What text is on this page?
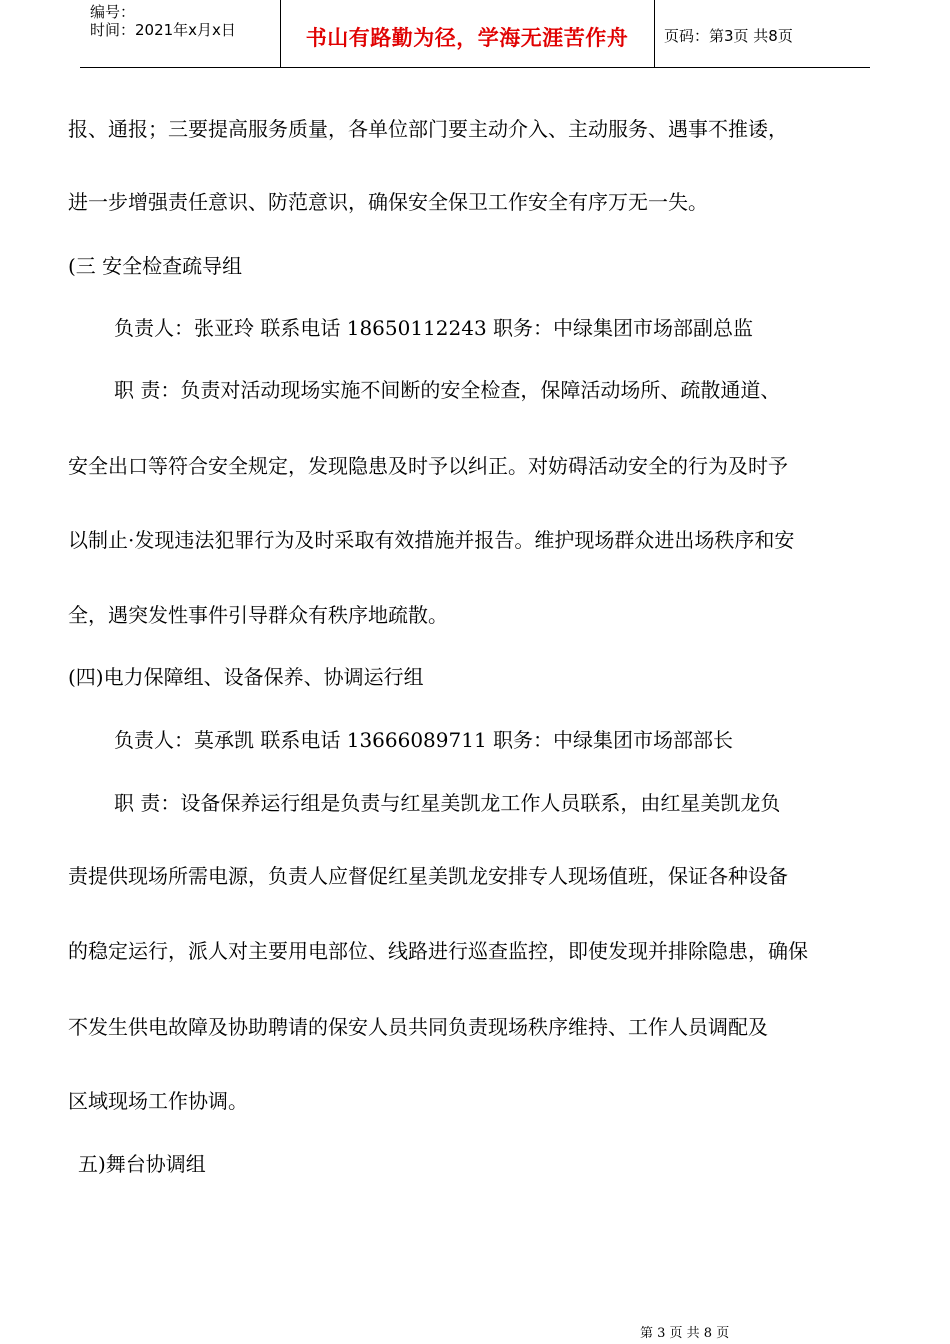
编号：
时间：2021年x月x日	书山有路勤为径，学海无涯苦作舟	页码：第3页 共8页
报、通报；三要提高服务质量，各单位部门要主动介入、主动服务、遇事不推诿，
进一步增强责任意识、防范意识，确保安全保卫工作安全有序万无一失。
(三 安全检查疏导组
负责人：张亚玲 联系电话 18650112243 职务：中绿集团市场部副总监
职 责：负责对活动现场实施不间断的安全检查，保障活动场所、疏散通道、
安全出口等符合安全规定，发现隐患及时予以纠正。对妨碍活动安全的行为及时予
以制止·发现违法犯罪行为及时采取有效措施并报告。维护现场群众进出场秩序和安
全，遇突发性事件引导群众有秩序地疏散。
(四)电力保障组、设备保养、协调运行组
负责人：莫承凯 联系电话 13666089711 职务：中绿集团市场部部长
职 责：设备保养运行组是负责与红星美凯龙工作人员联系，由红星美凯龙负
责提供现场所需电源，负责人应督促红星美凯龙安排专人现场值班，保证各种设备
的稳定运行，派人对主要用电部位、线路进行巡查监控，即使发现并排除隐患，确保
不发生供电故障及协助聘请的保安人员共同负责现场秩序维持、工作人员调配及
区域现场工作协调。
五)舞台协调组
第 3 页 共 8 页
